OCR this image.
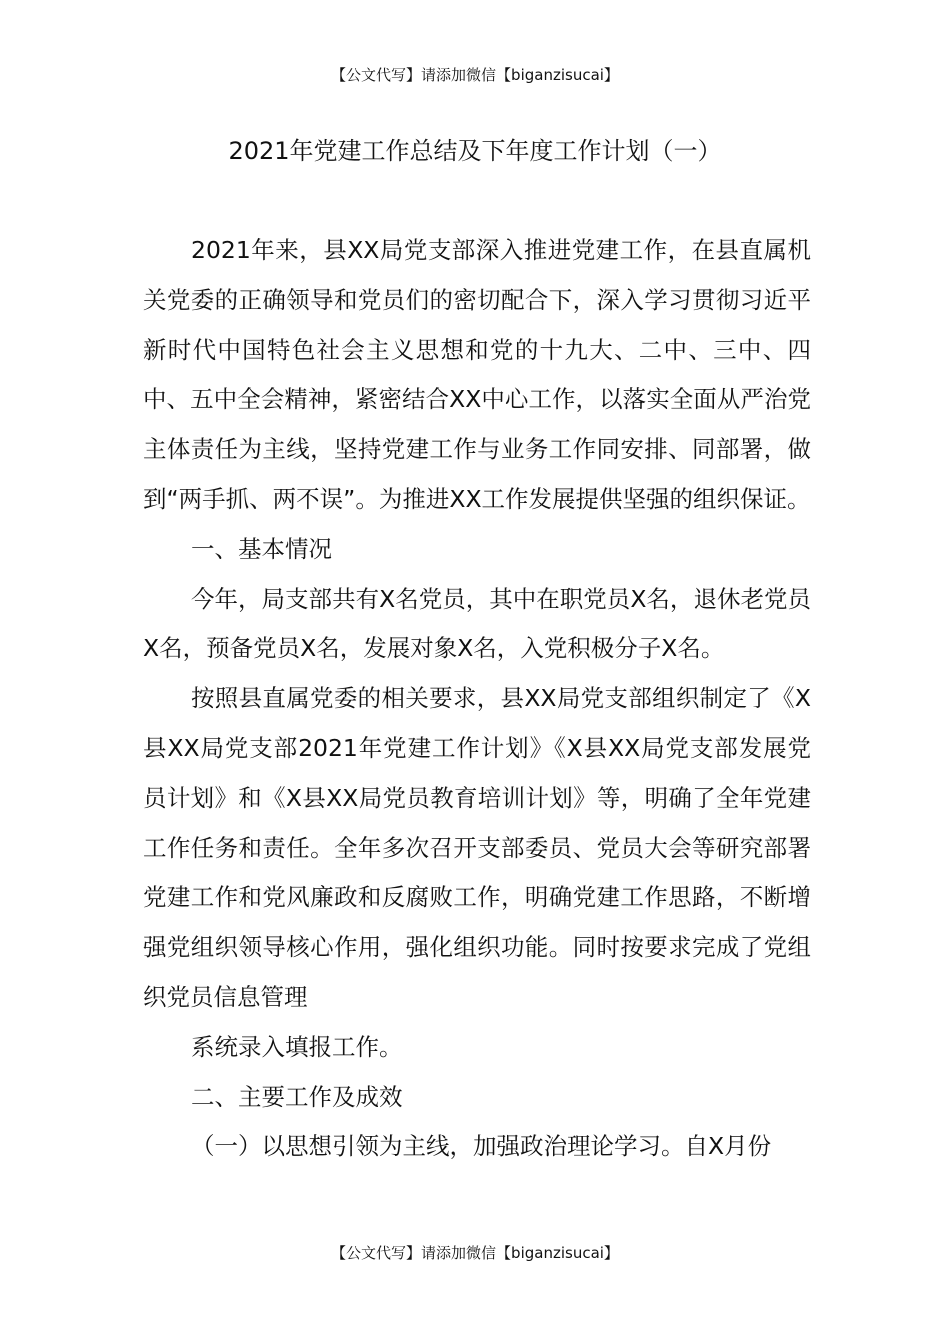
【公文代写】请添加微信【biganzisucai】
2021年党建工作总结及下年度工作计划（一）

2021年来，县XX局党支部深入推进党建工作，在县直属机关党委的正确领导和党员们的密切配合下，深入学习贯彻习近平新时代中国特色社会主义思想和党的十九大、二中、三中、四中、五中全会精神，紧密结合XX中心工作，以落实全面从严治党主体责任为主线，坚持党建工作与业务工作同安排、同部署，做到“两手抓、两不误”。为推进XX工作发展提供坚强的组织保证。

一、基本情况

今年，局支部共有X名党员，其中在职党员X名，退休老党员X名，预备党员X名，发展对象X名，入党积极分子X名。

按照县直属党委的相关要求，县XX局党支部组织制定了《X县XX局党支部2021年党建工作计划》《X县XX局党支部发展党员计划》和《X县XX局党员教育培训计划》等，明确了全年党建工作任务和责任。全年多次召开支部委员、党员大会等研究部署党建工作和党风廉政和反腐败工作，明确党建工作思路，不断增强党组织领导核心作用，强化组织功能。同时按要求完成了党组织党员信息管理

系统录入填报工作。

二、主要工作及成效

（一）以思想引领为主线，加强政治理论学习。自X月份

【公文代写】请添加微信【biganzisucai】
